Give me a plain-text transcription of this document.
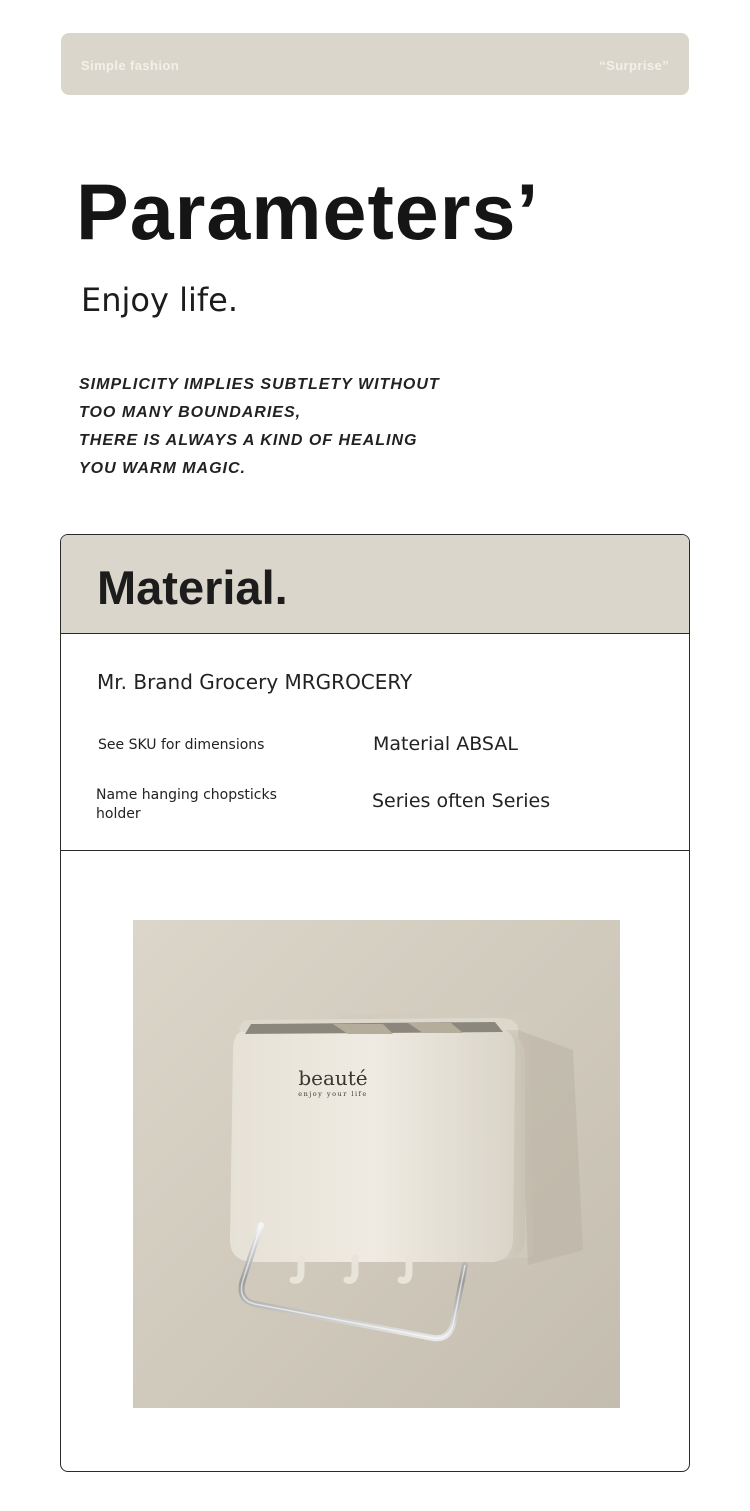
Simple fashion	“Surprise”
Parameters’
Enjoy life.
SIMPLICITY IMPLIES SUBTLETY WITHOUT
TOO MANY BOUNDARIES,
THERE IS ALWAYS A KIND OF HEALING
YOU WARM MAGIC.
Material.
Mr. Brand Grocery MRGROCERY
See SKU for dimensions	Material ABSAL
Name hanging chopsticks holder
Series often Series
beauté
enjoy your life
